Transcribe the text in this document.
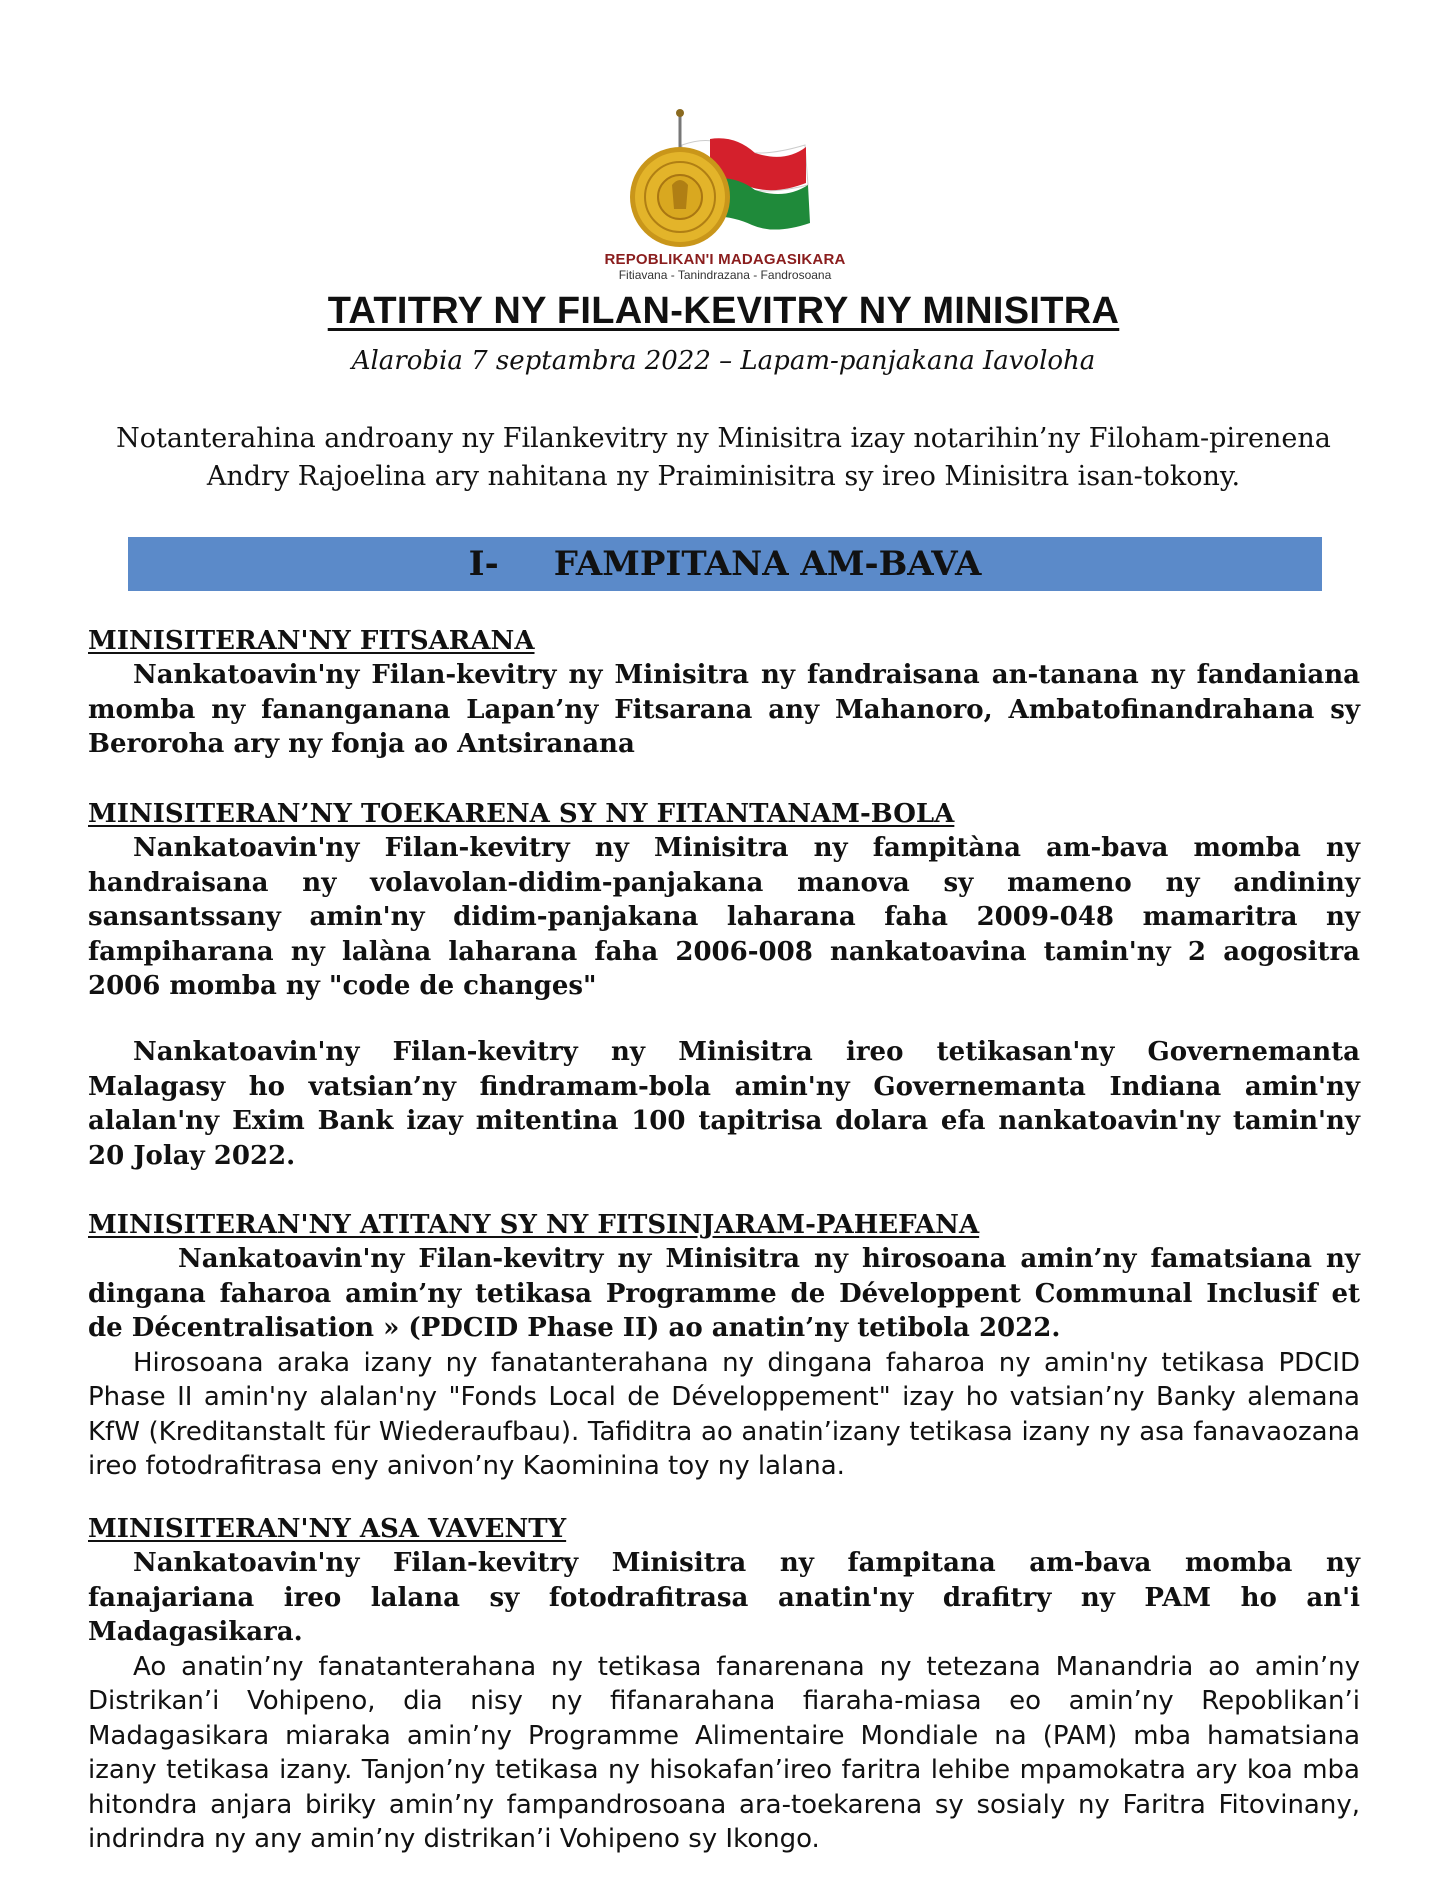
REPOBLIKAN'I MADAGASIKARA
Fitiavana - Tanindrazana - Fandrosoana
TATITRY NY FILAN-KEVITRY NY MINISITRA
Alarobia 7 septambra 2022 – Lapam-panjakana Iavoloha
Notanterahina androany ny Filankevitry ny Minisitra izay notarihin’ny Filoham-pirenena Andry Rajoelina ary nahitana ny Praiminisitra sy ireo Minisitra isan-tokony.
I- FAMPITANA AM-BAVA
MINISITERAN'NY FITSARANA

Nankatoavin'ny Filan-kevitry ny Minisitra ny fandraisana an-tanana ny fandaniana momba ny fananganana Lapan’ny Fitsarana any Mahanoro, Ambatofinandrahana sy Beroroha ary ny fonja ao Antsiranana

MINISITERAN’NY TOEKARENA SY NY FITANTANAM-BOLA

Nankatoavin'ny Filan-kevitry ny Minisitra ny fampitàna am-bava momba ny handraisana ny volavolan-didim-panjakana manova sy mameno ny andininy sansantssany amin'ny didim-panjakana laharana faha 2009-048 mamaritra ny fampiharana ny lalàna laharana faha 2006-008 nankatoavina tamin'ny 2 aogositra 2006 momba ny "code de changes"

Nankatoavin'ny Filan-kevitry ny Minisitra ireo tetikasan'ny Governemanta Malagasy ho vatsian’ny findramam-bola amin'ny Governemanta Indiana amin'ny alalan'ny Exim Bank izay mitentina 100 tapitrisa dolara efa nankatoavin'ny tamin'ny 20 Jolay 2022.

MINISITERAN'NY ATITANY SY NY FITSINJARAM-PAHEFANA

Nankatoavin'ny Filan-kevitry ny Minisitra ny hirosoana amin’ny famatsiana ny dingana faharoa amin’ny tetikasa Programme de Développent Communal Inclusif et de Décentralisation » (PDCID Phase II) ao anatin’ny tetibola 2022.

Hirosoana araka izany ny fanatanterahana ny dingana faharoa ny amin'ny tetikasa PDCID Phase II amin'ny alalan'ny "Fonds Local de Développement" izay ho vatsian’ny Banky alemana KfW (Kreditanstalt für Wiederaufbau). Tafiditra ao anatin’izany tetikasa izany ny asa fanavaozana ireo fotodrafitrasa eny anivon’ny Kaominina toy ny lalana.

MINISITERAN'NY ASA VAVENTY

Nankatoavin'ny Filan-kevitry Minisitra ny fampitana am-bava momba ny fanajariana ireo lalana sy fotodrafitrasa anatin'ny drafitry ny PAM ho an'i Madagasikara.

Ao anatin’ny fanatanterahana ny tetikasa fanarenana ny tetezana Manandria ao amin’ny Distrikan’i Vohipeno, dia nisy ny fifanarahana fiaraha-miasa eo amin’ny Repoblikan’i Madagasikara miaraka amin’ny Programme Alimentaire Mondiale na (PAM) mba hamatsiana izany tetikasa izany. Tanjon’ny tetikasa ny hisokafan’ireo faritra lehibe mpamokatra ary koa mba hitondra anjara biriky amin’ny fampandrosoana ara-toekarena sy sosialy ny Faritra Fitovinany, indrindra ny any amin’ny distrikan’i Vohipeno sy Ikongo.
